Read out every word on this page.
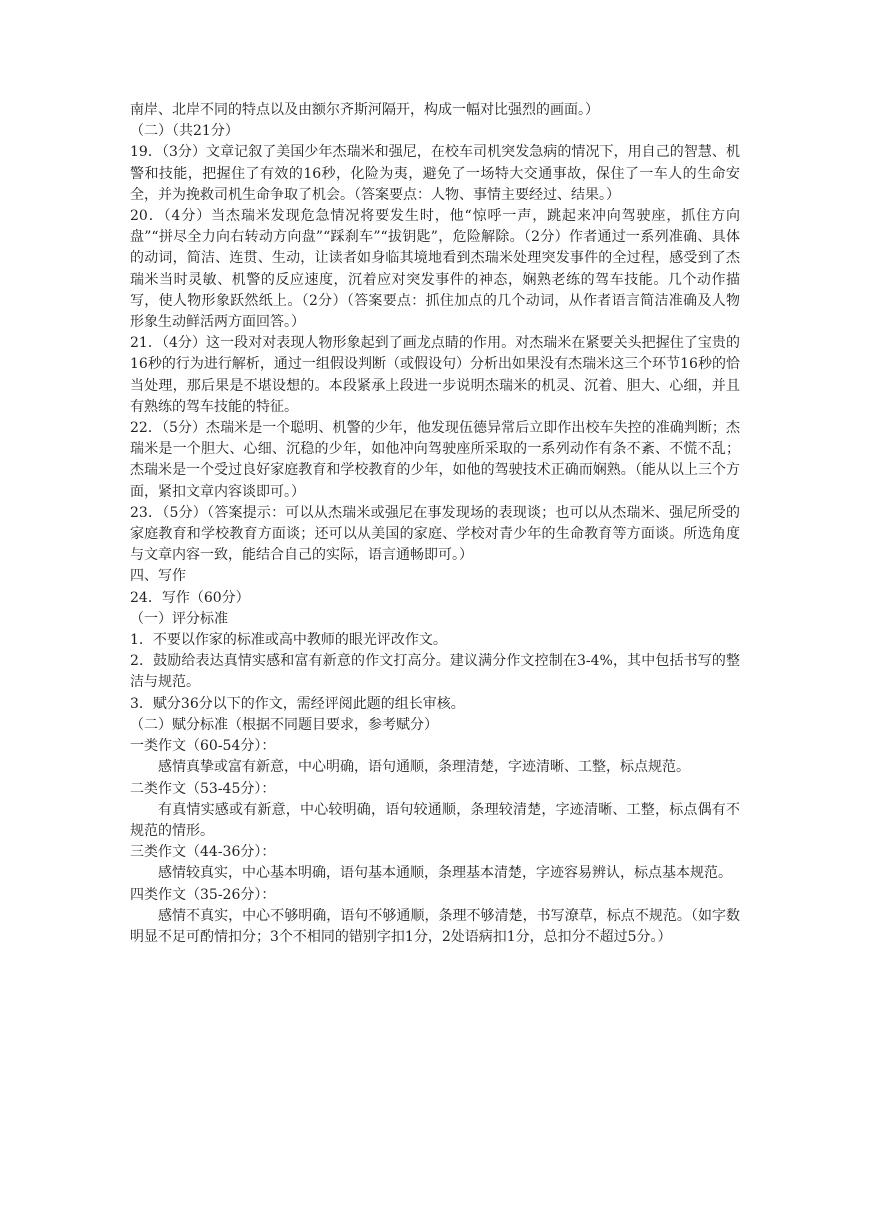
南岸、北岸不同的特点以及由额尔齐斯河隔开，构成一幅对比强烈的画面。）

（二）（共21分）

19．（3分）文章记叙了美国少年杰瑞米和强尼，在校车司机突发急病的情况下，用自己的智慧、机警和技能，把握住了有效的16秒，化险为夷，避免了一场特大交通事故，保住了一车人的生命安全，并为挽救司机生命争取了机会。（答案要点：人物、事情主要经过、结果。）

20．（4分）当杰瑞米发现危急情况将要发生时，他“惊呼一声，跳起来冲向驾驶座，抓住方向盘”“拼尽全力向右转动方向盘”“踩刹车”“拔钥匙”，危险解除。（2分）作者通过一系列准确、具体的动词，简洁、连贯、生动，让读者如身临其境地看到杰瑞米处理突发事件的全过程，感受到了杰瑞米当时灵敏、机警的反应速度，沉着应对突发事件的神态，娴熟老练的驾车技能。几个动作描写，使人物形象跃然纸上。（2分）（答案要点：抓住加点的几个动词，从作者语言简洁准确及人物形象生动鲜活两方面回答。）

21．（4分）这一段对对表现人物形象起到了画龙点睛的作用。对杰瑞米在紧要关头把握住了宝贵的16秒的行为进行解析，通过一组假设判断（或假设句）分析出如果没有杰瑞米这三个环节16秒的恰当处理，那后果是不堪设想的。本段紧承上段进一步说明杰瑞米的机灵、沉着、胆大、心细，并且有熟练的驾车技能的特征。

22．（5分）杰瑞米是一个聪明、机警的少年，他发现伍德异常后立即作出校车失控的准确判断；杰瑞米是一个胆大、心细、沉稳的少年，如他冲向驾驶座所采取的一系列动作有条不紊、不慌不乱；杰瑞米是一个受过良好家庭教育和学校教育的少年，如他的驾驶技术正确而娴熟。（能从以上三个方面，紧扣文章内容谈即可。）

23．（5分）（答案提示：可以从杰瑞米或强尼在事发现场的表现谈；也可以从杰瑞米、强尼所受的家庭教育和学校教育方面谈；还可以从美国的家庭、学校对青少年的生命教育等方面谈。所选角度与文章内容一致，能结合自己的实际，语言通畅即可。）

四、写作

24．写作（60分）

（一）评分标准

1．不要以作家的标准或高中教师的眼光评改作文。

2．鼓励给表达真情实感和富有新意的作文打高分。建议满分作文控制在3-4%，其中包括书写的整洁与规范。

3．赋分36分以下的作文，需经评阅此题的组长审核。

（二）赋分标准（根据不同题目要求，参考赋分）

一类作文（60-54分）：

感情真挚或富有新意，中心明确，语句通顺，条理清楚，字迹清晰、工整，标点规范。

二类作文（53-45分）：

有真情实感或有新意，中心较明确，语句较通顺，条理较清楚，字迹清晰、工整，标点偶有不规范的情形。

三类作文（44-36分）：

感情较真实，中心基本明确，语句基本通顺，条理基本清楚，字迹容易辨认，标点基本规范。

四类作文（35-26分）：

感情不真实，中心不够明确，语句不够通顺，条理不够清楚，书写潦草，标点不规范。（如字数明显不足可酌情扣分；3个不相同的错别字扣1分，2处语病扣1分，总扣分不超过5分。）
